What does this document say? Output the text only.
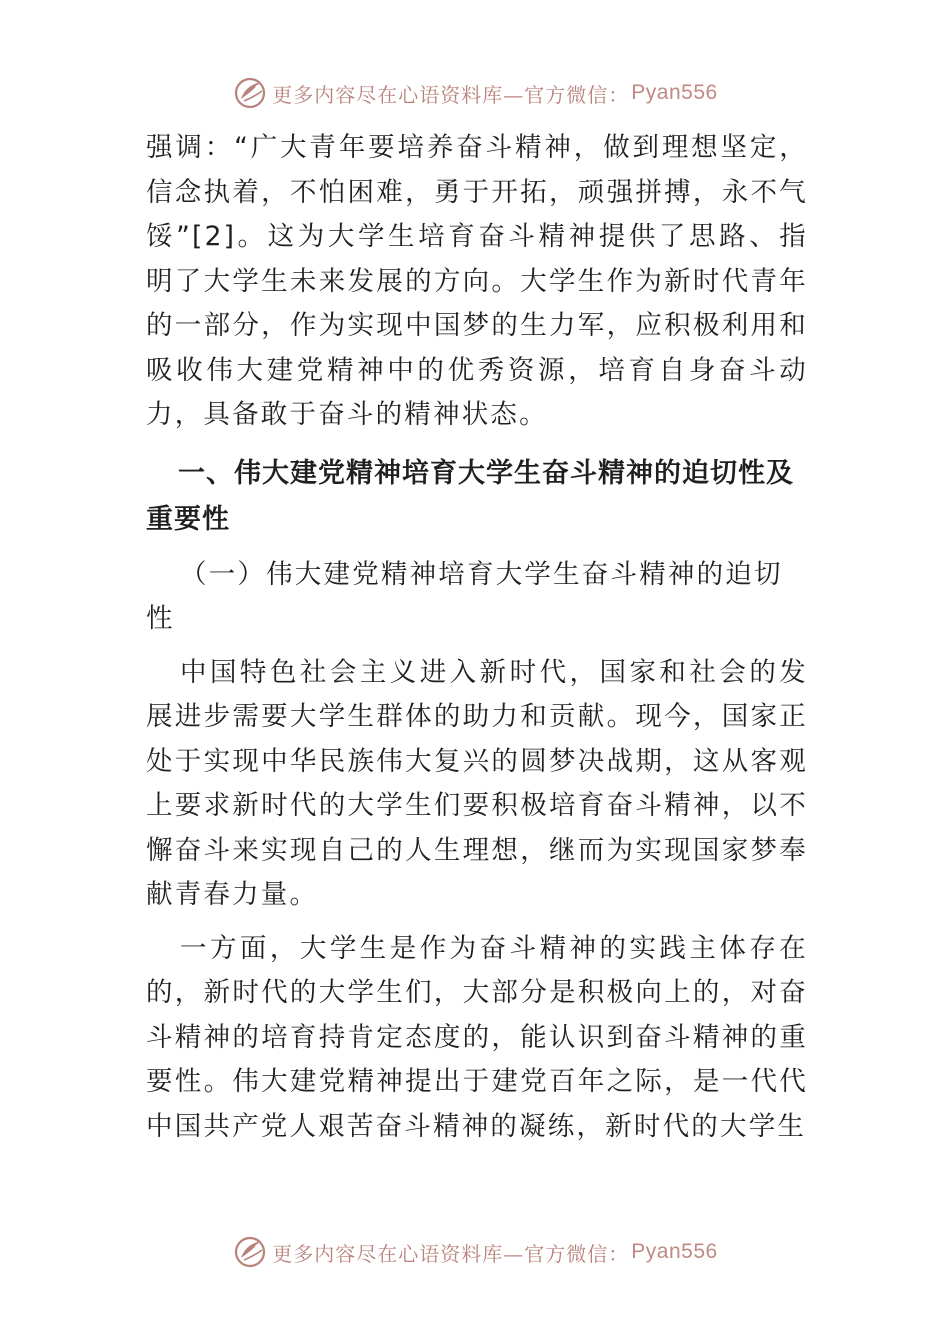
更多内容尽在心语资料库—官方微信： Pyan556

强调：“广大青年要培养奋斗精神，做到理想坚定，信念执着，不怕困难，勇于开拓，顽强拼搏，永不气馁”[2]。这为大学生培育奋斗精神提供了思路、指明了大学生未来发展的方向。大学生作为新时代青年的一部分，作为实现中国梦的生力军，应积极利用和吸收伟大建党精神中的优秀资源，培育自身奋斗动力，具备敢于奋斗的精神状态。

一、伟大建党精神培育大学生奋斗精神的迫切性及重要性

（一）伟大建党精神培育大学生奋斗精神的迫切性

中国特色社会主义进入新时代，国家和社会的发展进步需要大学生群体的助力和贡献。现今，国家正处于实现中华民族伟大复兴的圆梦决战期，这从客观上要求新时代的大学生们要积极培育奋斗精神，以不懈奋斗来实现自己的人生理想，继而为实现国家梦奉献青春力量。

一方面，大学生是作为奋斗精神的实践主体存在的，新时代的大学生们，大部分是积极向上的，对奋斗精神的培育持肯定态度的，能认识到奋斗精神的重要性。伟大建党精神提出于建党百年之际，是一代代中国共产党人艰苦奋斗精神的凝练，新时代的大学生

更多内容尽在心语资料库—官方微信： Pyan556
